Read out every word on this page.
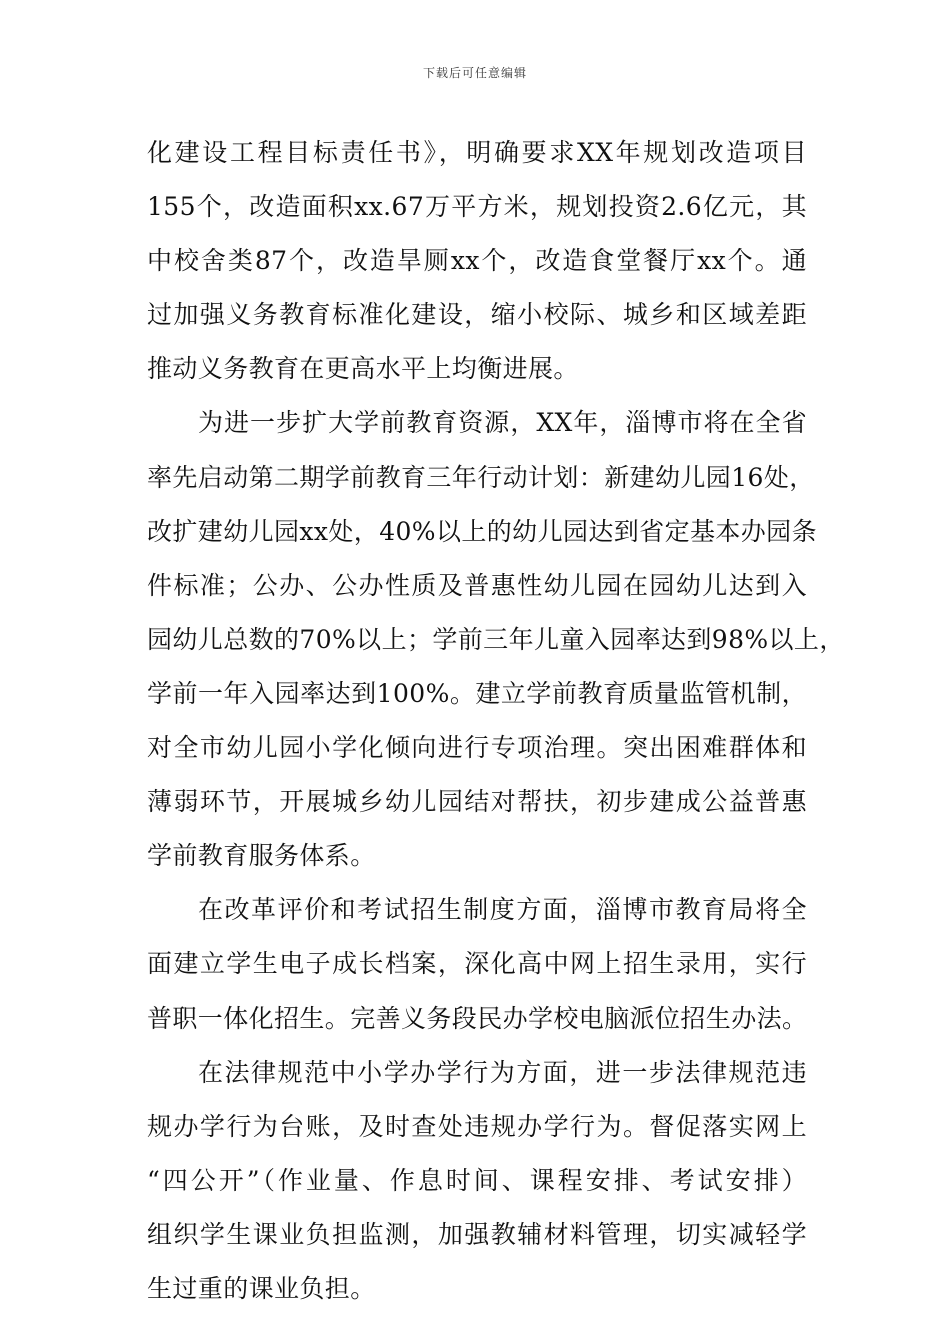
下载后可任意编辑
化建设工程目标责任书》，明确要求XX年规划改造项目
155个，改造面积xx.67万平方米，规划投资2.6亿元，其
中校舍类87个，改造旱厕xx个，改造食堂餐厅xx个。通
过加强义务教育标准化建设，缩小校际、城乡和区域差距
推动义务教育在更高水平上均衡进展。
为进一步扩大学前教育资源，XX年，淄博市将在全省
率先启动第二期学前教育三年行动计划：新建幼儿园16处，
改扩建幼儿园xx处，40%以上的幼儿园达到省定基本办园条
件标准；公办、公办性质及普惠性幼儿园在园幼儿达到入
园幼儿总数的70%以上；学前三年儿童入园率达到98%以上，
学前一年入园率达到100%。建立学前教育质量监管机制，
对全市幼儿园小学化倾向进行专项治理。突出困难群体和
薄弱环节，开展城乡幼儿园结对帮扶，初步建成公益普惠
学前教育服务体系。
在改革评价和考试招生制度方面，淄博市教育局将全
面建立学生电子成长档案，深化高中网上招生录用，实行
普职一体化招生。完善义务段民办学校电脑派位招生办法。
在法律规范中小学办学行为方面，进一步法律规范违
规办学行为台账，及时查处违规办学行为。督促落实网上
“四公开”（作业量、作息时间、课程安排、考试安排）
组织学生课业负担监测，加强教辅材料管理，切实减轻学
生过重的课业负担。
